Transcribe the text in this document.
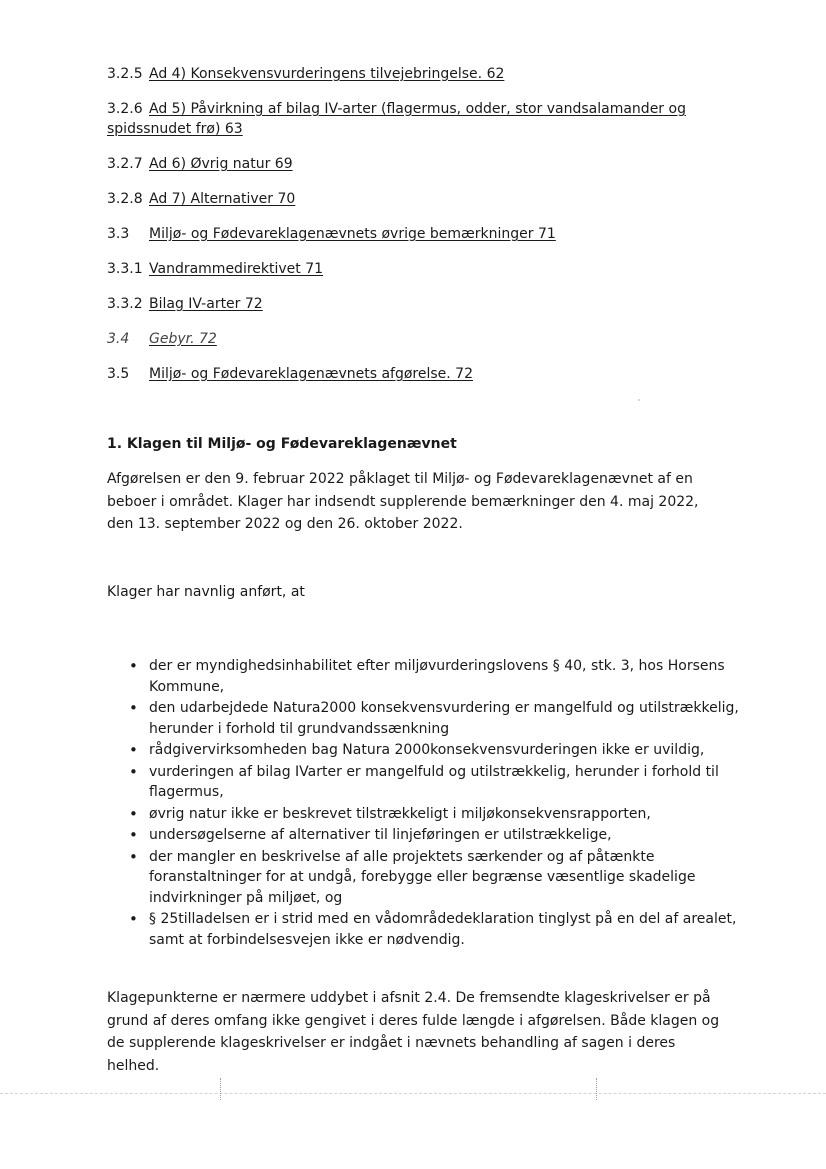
3.2.5 Ad 4) Konsekvensvurderingens tilvejebringelse. 62
3.2.6 Ad 5) Påvirkning af bilag IV-arter (flagermus, odder, stor vandsalamander og spidssnudet frø) 63
3.2.7 Ad 6) Øvrig natur 69
3.2.8 Ad 7) Alternativer 70
3.3 Miljø- og Fødevareklagenævnets øvrige bemærkninger 71
3.3.1 Vandrammedirektivet 71
3.3.2 Bilag IV-arter 72
3.4 Gebyr. 72
3.5 Miljø- og Fødevareklagenævnets afgørelse. 72
1. Klagen til Miljø- og Fødevareklagenævnet
Afgørelsen er den 9. februar 2022 påklaget til Miljø- og Fødevareklagenævnet af en beboer i området. Klager har indsendt supplerende bemærkninger den 4. maj 2022, den 13. september 2022 og den 26. oktober 2022.
Klager har navnlig anført, at
• der er myndighedsinhabilitet efter miljøvurderingslovens § 40, stk. 3, hos Horsens Kommune,
• den udarbejdede Natura2000 konsekvensvurdering er mangelfuld og utilstrækkelig, herunder i forhold til grundvandssænkning
• rådgivervirksomheden bag Natura 2000konsekvensvurderingen ikke er uvildig,
• vurderingen af bilag IVarter er mangelfuld og utilstrækkelig, herunder i forhold til flagermus,
• øvrig natur ikke er beskrevet tilstrækkeligt i miljøkonsekvensrapporten,
• undersøgelserne af alternativer til linjeføringen er utilstrækkelige,
• der mangler en beskrivelse af alle projektets særkender og af påtænkte foranstaltninger for at undgå, forebygge eller begrænse væsentlige skadelige indvirkninger på miljøet, og
• § 25tilladelsen er i strid med en vådområdedeklaration tinglyst på en del af arealet, samt at forbindelsesvejen ikke er nødvendig.
Klagepunkterne er nærmere uddybet i afsnit 2.4. De fremsendte klageskrivelser er på grund af deres omfang ikke gengivet i deres fulde længde i afgørelsen. Både klagen og de supplerende klageskrivelser er indgået i nævnets behandling af sagen i deres helhed.
